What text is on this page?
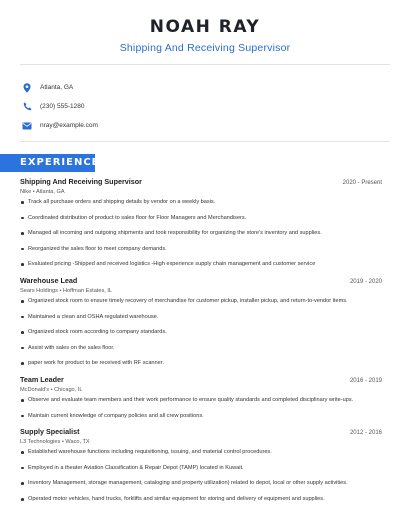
NOAH RAY
Shipping And Receiving Supervisor
Atlanta, GA
(230) 555-1280
nray@example.com
EXPERIENCE
Shipping And Receiving Supervisor	2020 - Present
Nike • Atlanta, GA
Track all purchase orders and shipping details by vendor on a weekly basis.
Coordinated distribution of product to sales floor for Floor Managers and Merchandisers.
Managed all incoming and outgoing shipments and took responsibility for organizing the store's inventory and supplies.
Reorganized the sales floor to meet company demands.
Evaluated pricing -Shipped and received logistics -High experience supply chain management and customer service
Warehouse Lead	2019 - 2020
Sears Holdings • Hoffman Estates, IL
Organized stock room to ensure timely recovery of merchandise for customer pickup, installer pickup, and return-to-vendor items.
Maintained a clean and OSHA regulated warehouse.
Organized stock room according to company standards.
Assist with sales on the sales floor.
paper work for product to be received with RF scanner.
Team Leader	2016 - 2019
McDonald's • Chicago, IL
Observe and evaluate team members and their work performance to ensure quality standards and completed disciplinary write-ups.
Maintain current knowledge of company policies and all crew positions.
Supply Specialist	2012 - 2016
L3 Technologies • Waco, TX
Established warehouse functions including requisitioning, issuing, and material control procedures.
Employed in a theater Aviation Classification & Repair Depot (TAMP) located in Kuwait.
Inventory Management, storage management, cataloging and property utilization) related to depot, local or other supply activities.
Operated motor vehicles, hand trucks, forklifts and similar equipment for storing and delivery of equipment and supplies.
